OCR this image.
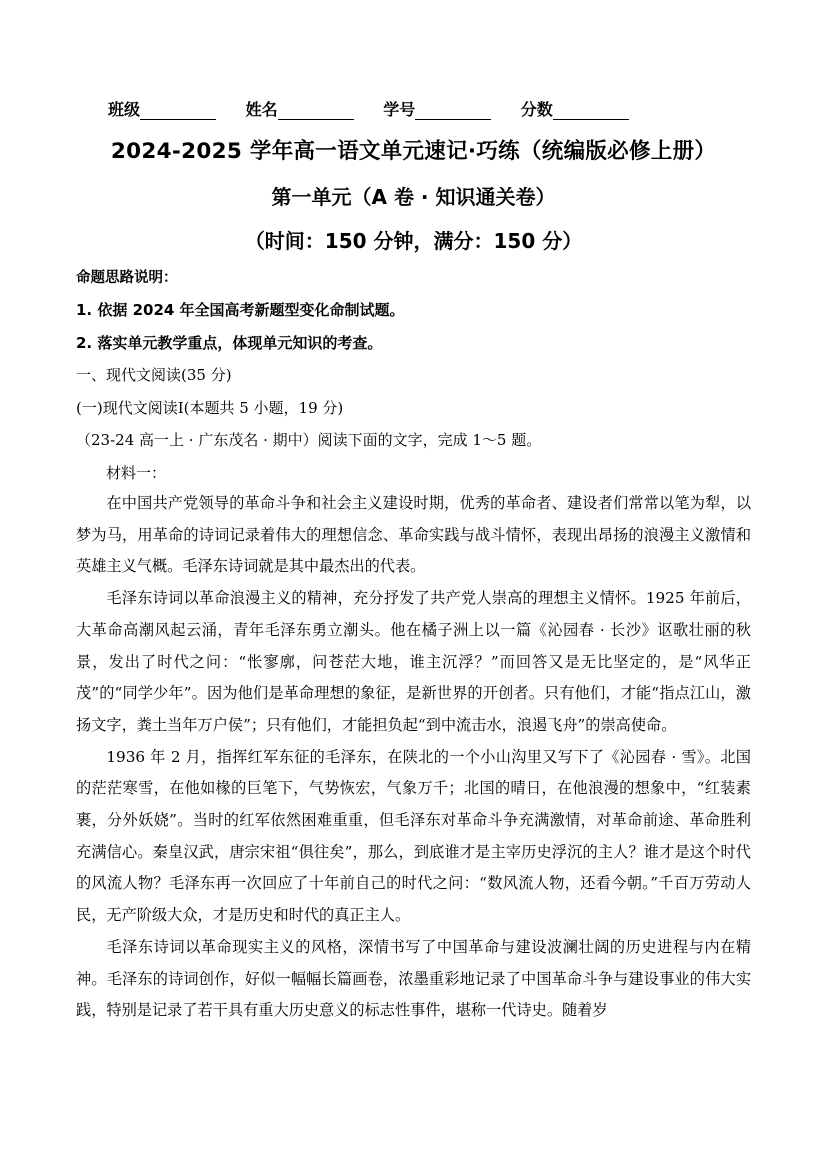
班级	姓名	学号	分数
2024-2025 学年高一语文单元速记·巧练（统编版必修上册）
第一单元（A 卷 · 知识通关卷）
（时间：150 分钟，满分：150 分）
命题思路说明：
1. 依据 2024 年全国高考新题型变化命制试题。
2. 落实单元教学重点，体现单元知识的考查。
一、现代文阅读(35 分)
(一)现代文阅读Ⅰ(本题共 5 小题，19 分)
（23-24 高一上 · 广东茂名 · 期中）阅读下面的文字，完成 1～5 题。
材料一：

在中国共产党领导的革命斗争和社会主义建设时期，优秀的革命者、建设者们常常以笔为犁，以梦为马，用革命的诗词记录着伟大的理想信念、革命实践与战斗情怀，表现出昂扬的浪漫主义激情和英雄主义气概。毛泽东诗词就是其中最杰出的代表。

毛泽东诗词以革命浪漫主义的精神，充分抒发了共产党人崇高的理想主义情怀。1925 年前后，大革命高潮风起云涌，青年毛泽东勇立潮头。他在橘子洲上以一篇《沁园春 · 长沙》讴歌壮丽的秋景，发出了时代之问：“怅寥廓，问苍茫大地，谁主沉浮？”而回答又是无比坚定的，是“风华正茂”的“同学少年”。因为他们是革命理想的象征，是新世界的开创者。只有他们，才能“指点江山，激扬文字，粪土当年万户侯”；只有他们，才能担负起“到中流击水，浪遏飞舟”的崇高使命。

1936 年 2 月，指挥红军东征的毛泽东，在陕北的一个小山沟里又写下了《沁园春 · 雪》。北国的茫茫寒雪，在他如椽的巨笔下，气势恢宏，气象万千；北国的晴日，在他浪漫的想象中，“红装素裹，分外妖娆”。当时的红军依然困难重重，但毛泽东对革命斗争充满激情，对革命前途、革命胜利充满信心。秦皇汉武，唐宗宋祖“俱往矣”，那么，到底谁才是主宰历史浮沉的主人？谁才是这个时代的风流人物？毛泽东再一次回应了十年前自己的时代之问：“数风流人物，还看今朝。”千百万劳动人民，无产阶级大众，才是历史和时代的真正主人。

毛泽东诗词以革命现实主义的风格，深情书写了中国革命与建设波澜壮阔的历史进程与内在精神。毛泽东的诗词创作，好似一幅幅长篇画卷，浓墨重彩地记录了中国革命斗争与建设事业的伟大实践，特别是记录了若干具有重大历史意义的标志性事件，堪称一代诗史。随着岁
